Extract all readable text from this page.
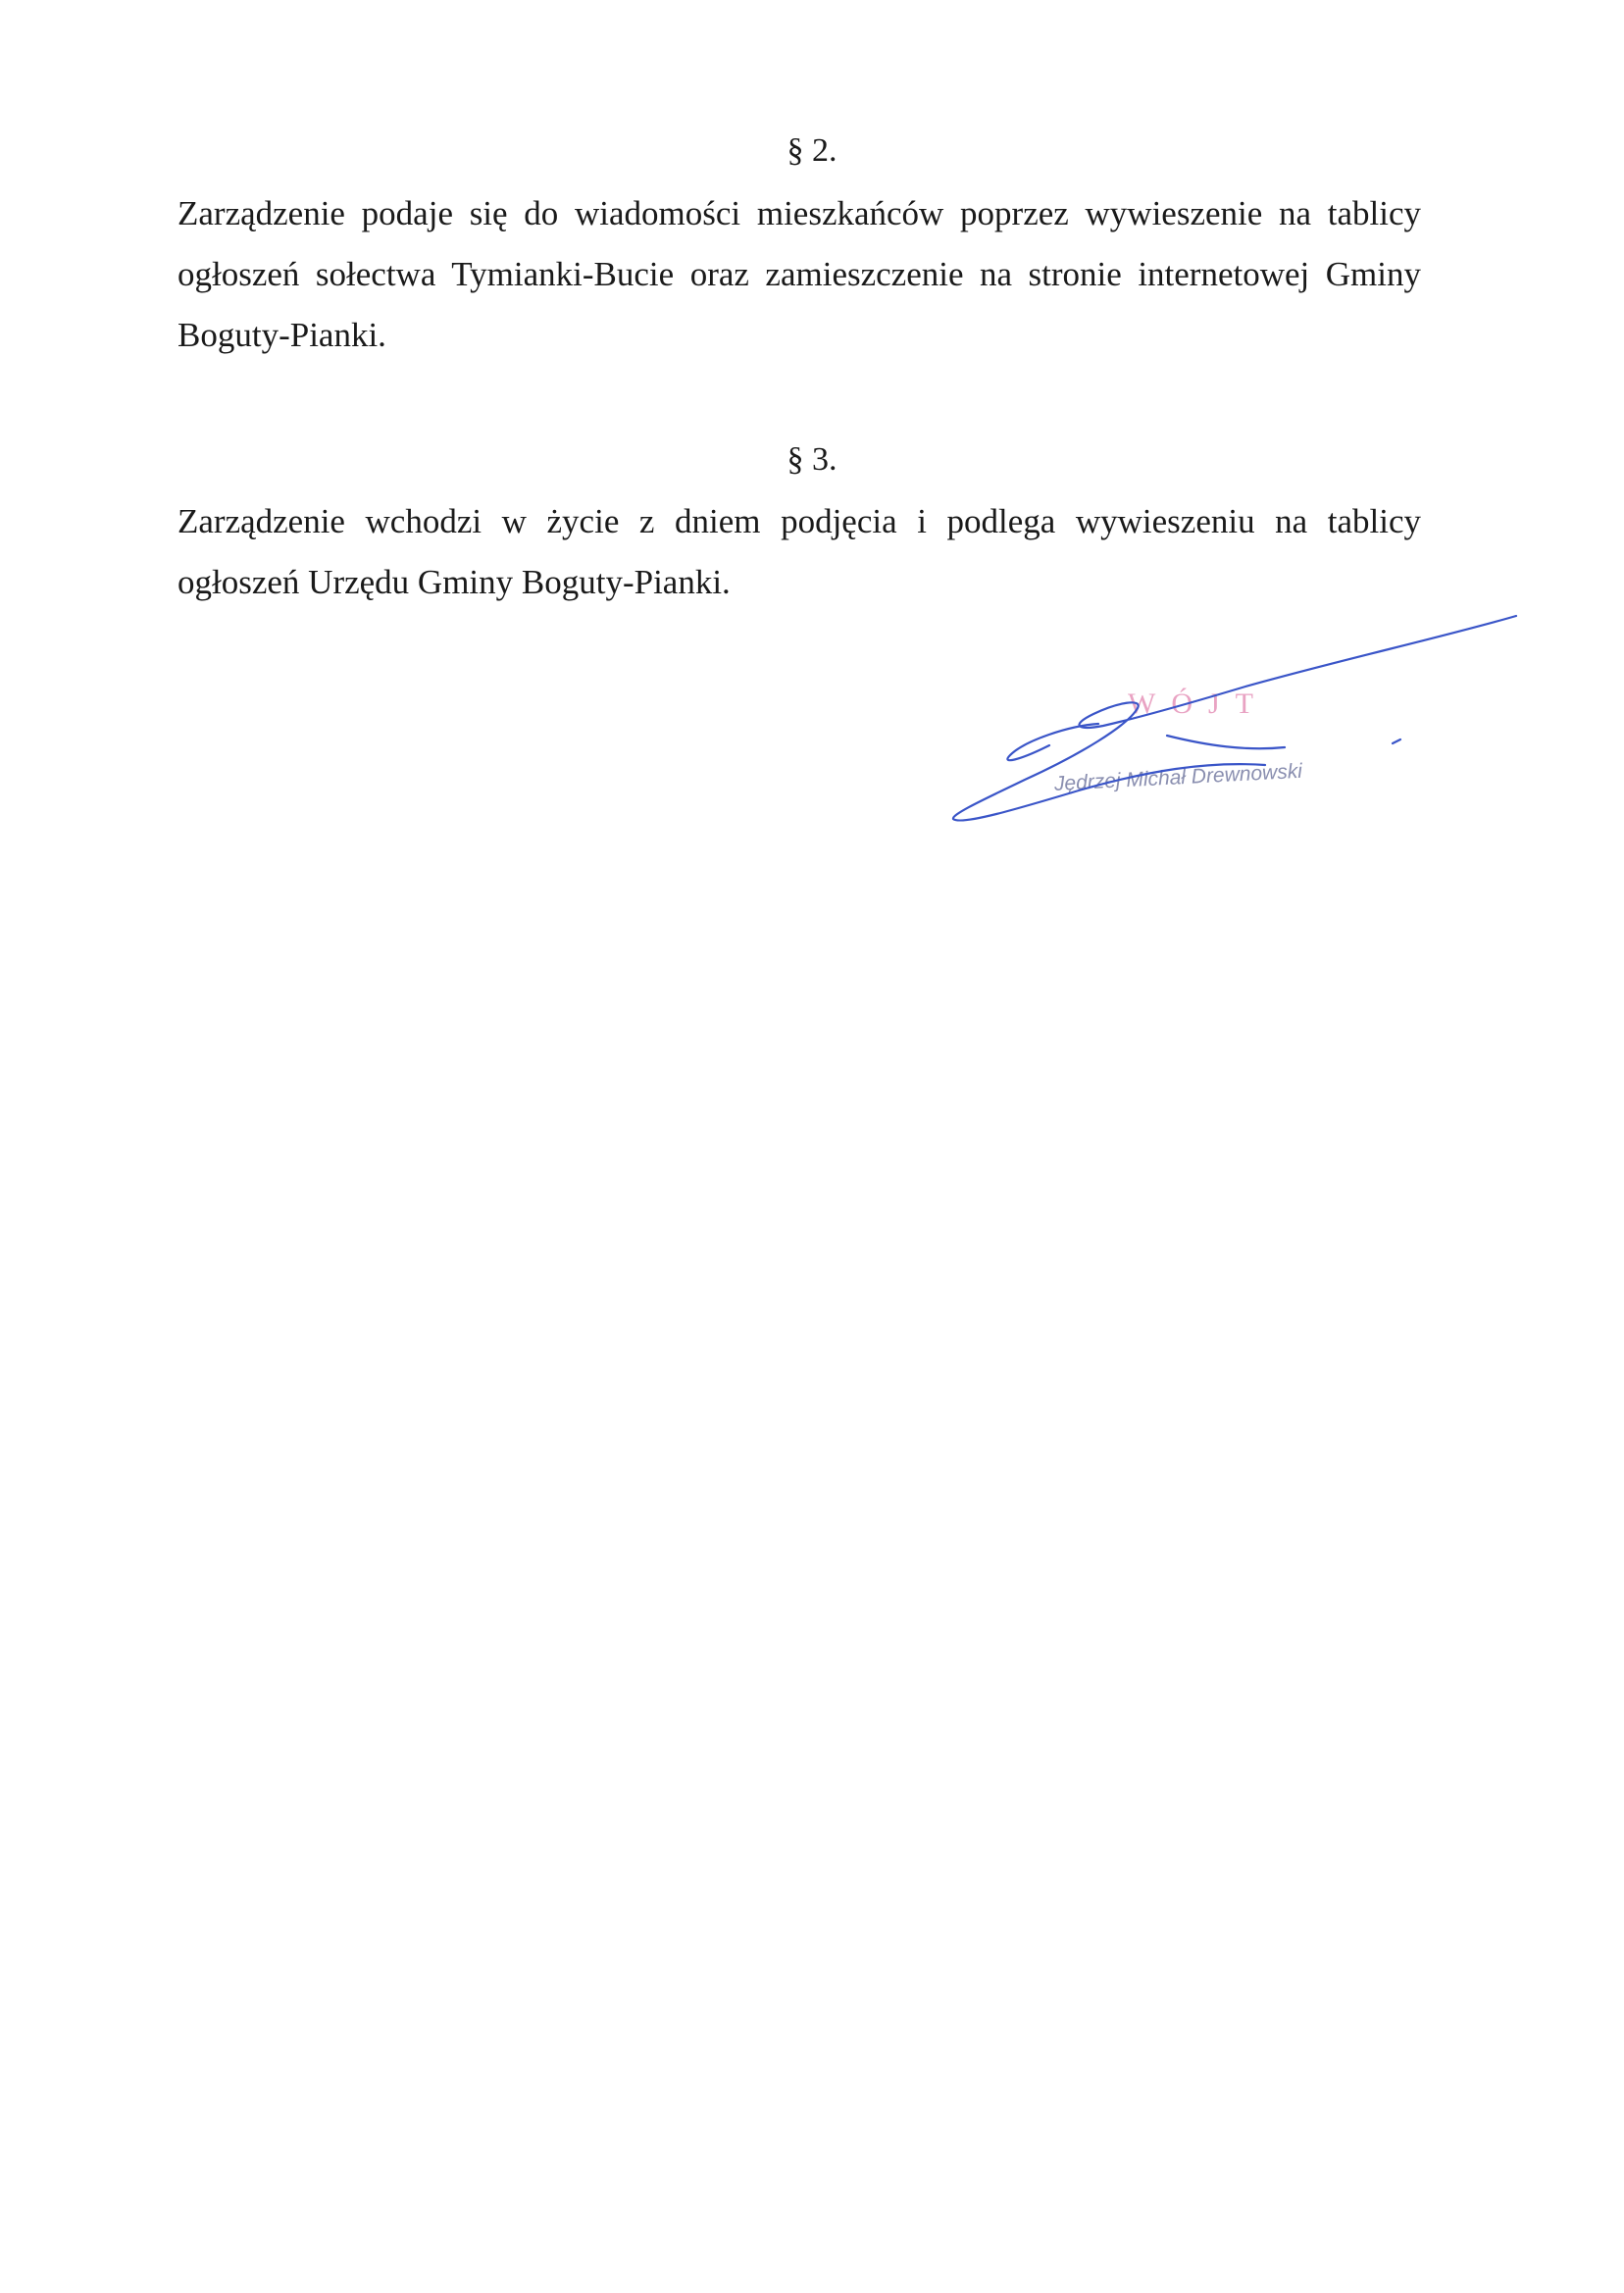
§ 2.

Zarządzenie podaje się do wiadomości mieszkańców poprzez wywieszenie na tablicy ogłoszeń sołectwa Tymianki-Bucie oraz zamieszczenie na stronie internetowej Gminy Boguty-Pianki.

§ 3.

Zarządzenie wchodzi w życie z dniem podjęcia i podlega wywieszeniu na tablicy ogłoszeń Urzędu Gminy Boguty-Pianki.

WÓJT
Jędrzej Michał Drewnowski
